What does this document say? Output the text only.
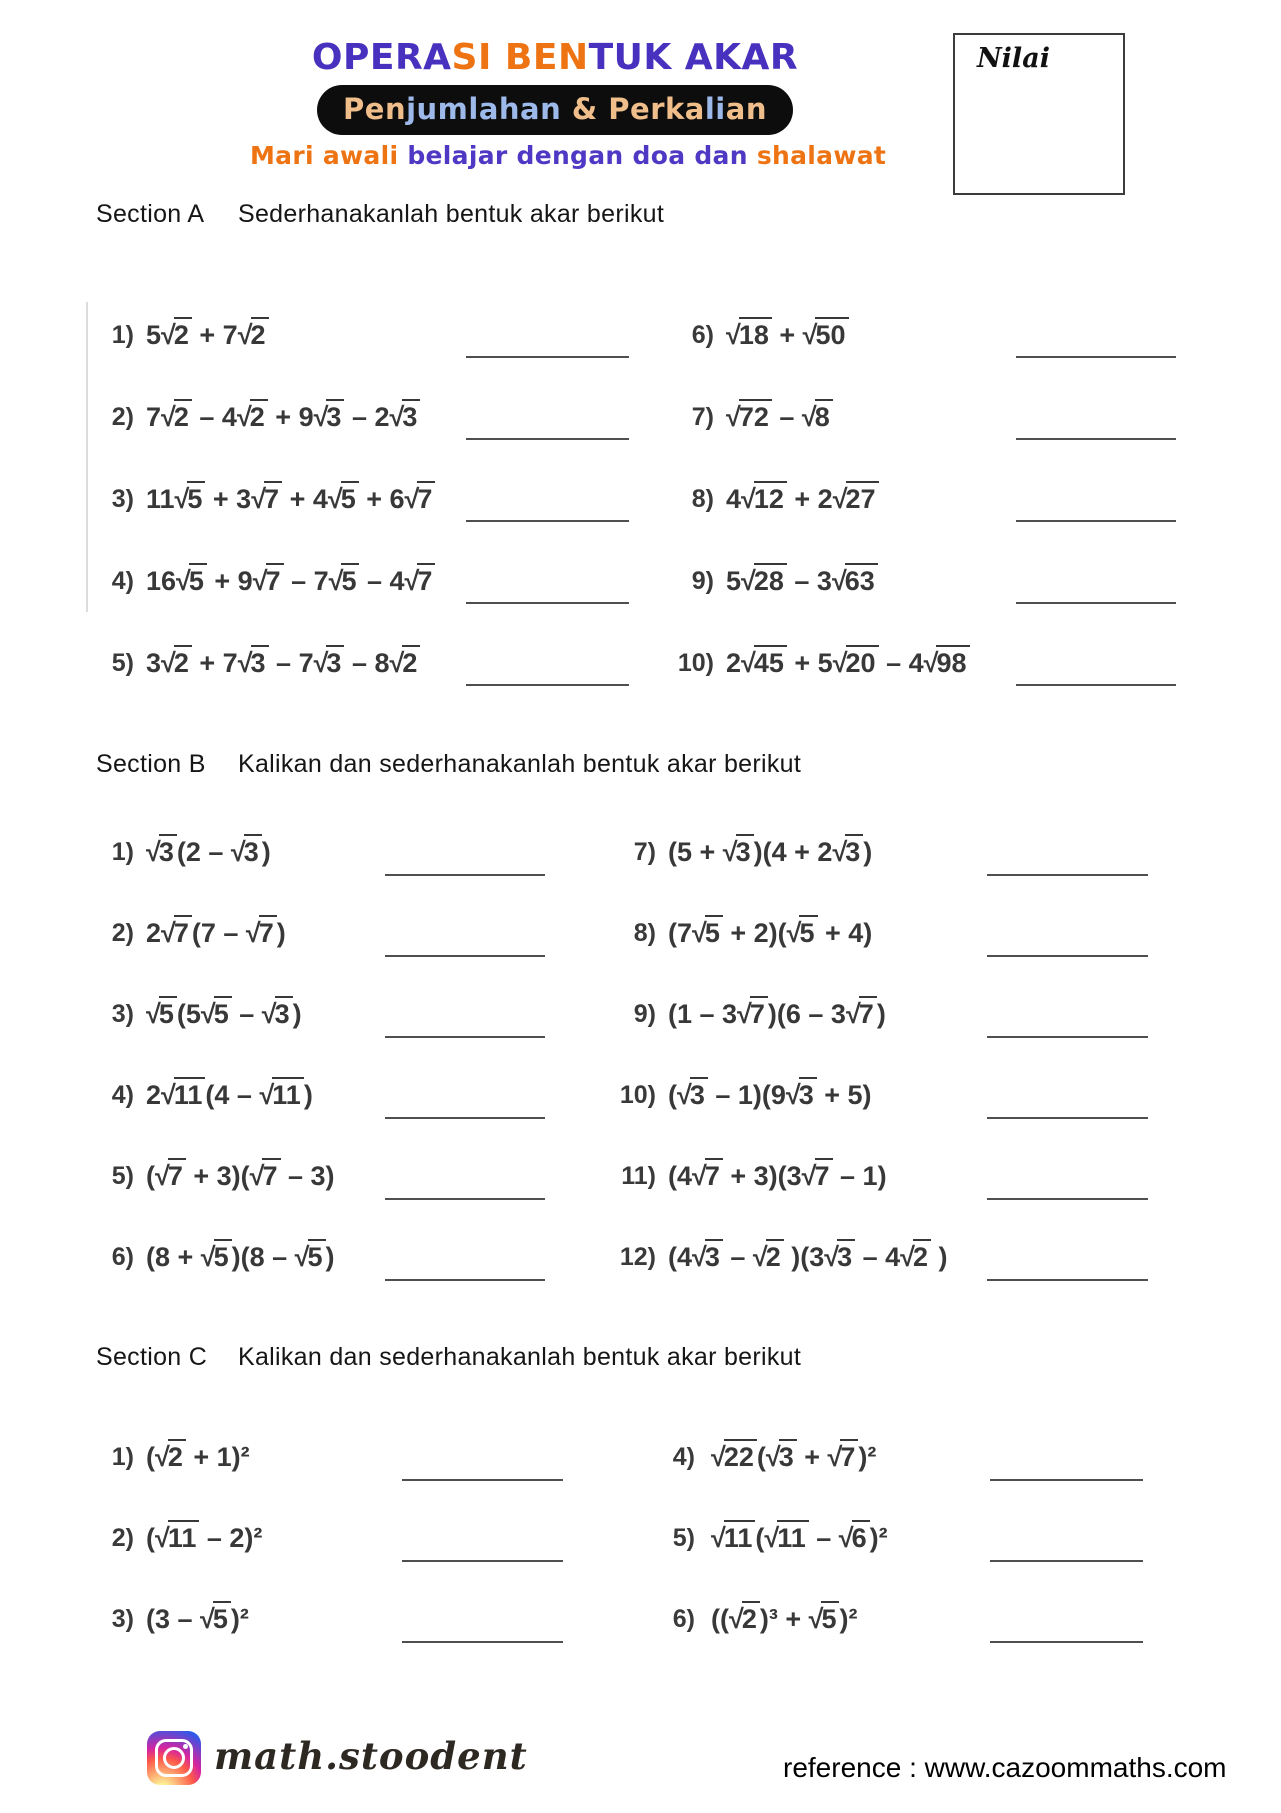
OPERASI BENTUK AKAR
Penjumlahan & Perkalian
Mari awali belajar dengan doa dan shalawat
Nilai
Section A	Sederhanakanlah bentuk akar berikut
1) 5√2 + 7√2
2) 7√2 – 4√2 + 9√3 – 2√3
3) 11√5 + 3√7 + 4√5 + 6√7
4) 16√5 + 9√7 – 7√5 – 4√7
5) 3√2 + 7√3 – 7√3 – 8√2
6) √18 + √50
7) √72 – √8
8) 4√12 + 2√27
9) 5√28 – 3√63
10) 2√45 + 5√20 – 4√98
Section B	Kalikan dan sederhanakanlah bentuk akar berikut
1) √3 (2 – √3 )
2) 2√7 (7 – √7 )
3) √5 (5√5 – √3 )
4) 2√11 (4 – √11 )
5) (√7 + 3)(√7 – 3)
6) (8 + √5 )(8 – √5 )
7) (5 + √3 )(4 + 2√3 )
8) (7√5 + 2)(√5 + 4)
9) (1 – 3√7 )(6 – 3√7 )
10) (√3 – 1)(9√3 + 5)
11) (4√7 + 3)(3√7 – 1)
12) (4√3 – √2 )(3√3 – 4√2 )
Section C	Kalikan dan sederhanakanlah bentuk akar berikut
1) (√2 + 1)²
2) (√11 – 2)²
3) (3 – √5 )²
4) √22 (√3 + √7 )²
5) √11 (√11 – √6 )²
6) ((√2 )³ + √5 )²
math.stoodent	reference : www.cazoommaths.com
